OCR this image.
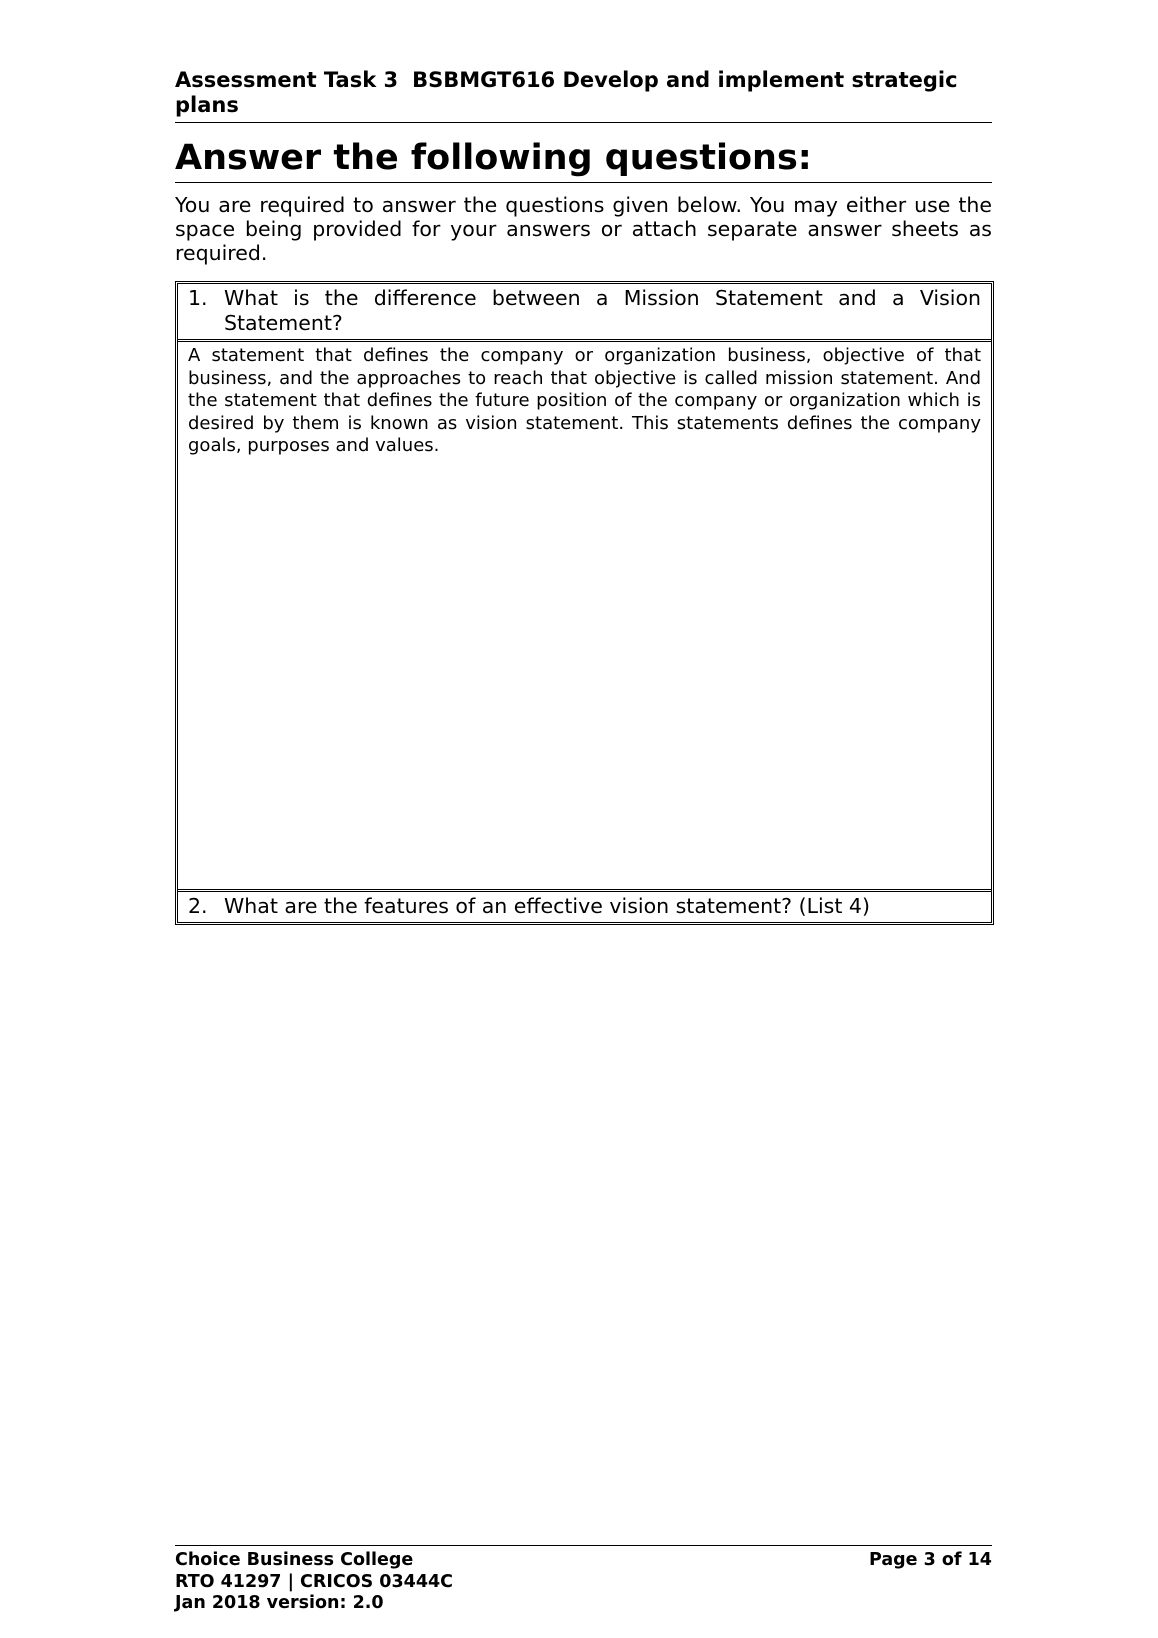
Assessment Task 3 BSBMGT616 Develop and implement strategic plans
Answer the following questions:

You are required to answer the questions given below. You may either use the space being provided for your answers or attach separate answer sheets as required.

1. What is the difference between a Mission Statement and a Vision Statement?
A statement that defines the company or organization business, objective of that business, and the approaches to reach that objective is called mission statement. And the statement that defines the future position of the company or organization which is desired by them is known as vision statement. This statements defines the company goals, purposes and values.
2. What are the features of an effective vision statement? (List 4)
Choice Business College
RTO 41297 | CRICOS 03444C
Jan 2018 version: 2.0
Page 3 of 14
